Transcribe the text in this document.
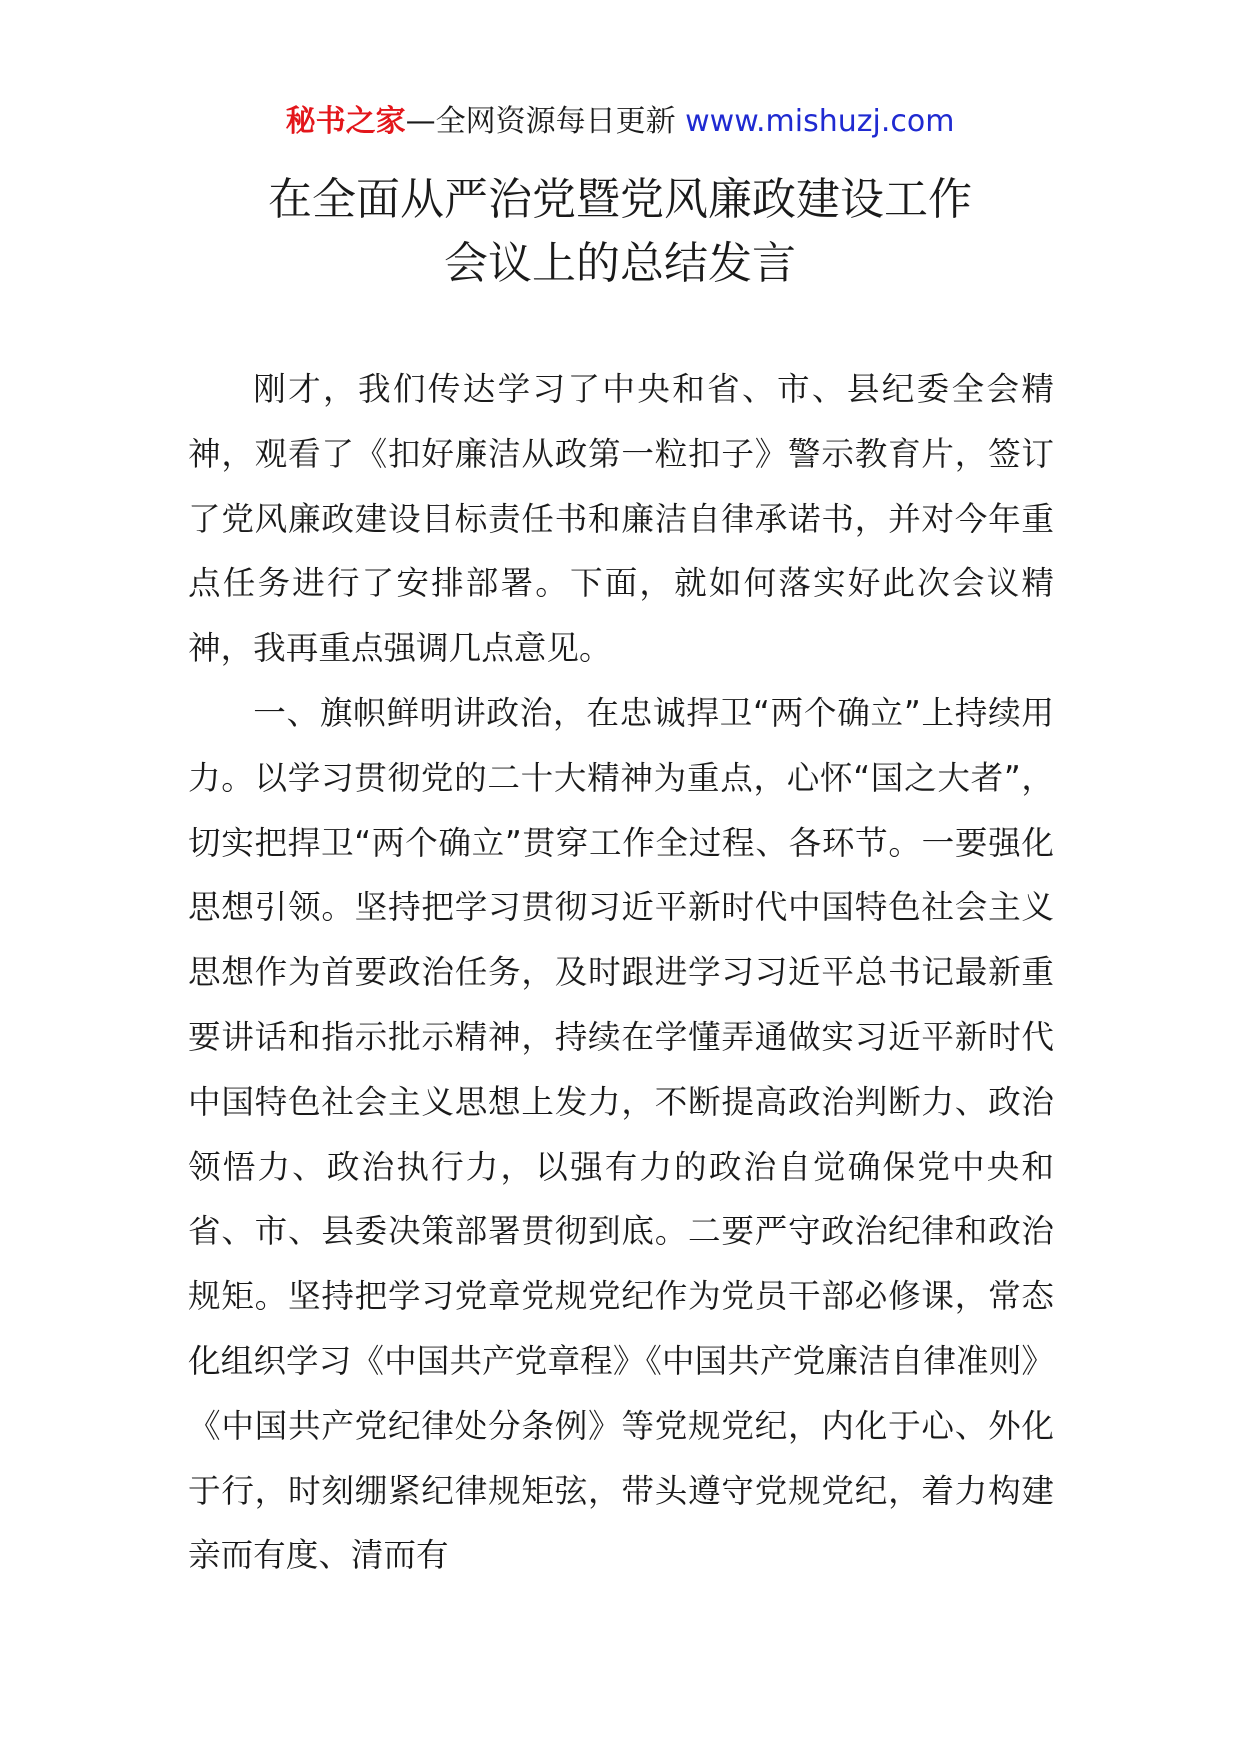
秘书之家—全网资源每日更新 www.mishuzj.com
在全面从严治党暨党风廉政建设工作
会议上的总结发言

刚才，我们传达学习了中央和省、市、县纪委全会精神，观看了《扣好廉洁从政第一粒扣子》警示教育片，签订了党风廉政建设目标责任书和廉洁自律承诺书，并对今年重点任务进行了安排部署。下面，就如何落实好此次会议精神，我再重点强调几点意见。

一、旗帜鲜明讲政治，在忠诚捍卫“两个确立”上持续用力。以学习贯彻党的二十大精神为重点，心怀“国之大者”，切实把捍卫“两个确立”贯穿工作全过程、各环节。一要强化思想引领。坚持把学习贯彻习近平新时代中国特色社会主义思想作为首要政治任务，及时跟进学习习近平总书记最新重要讲话和指示批示精神，持续在学懂弄通做实习近平新时代中国特色社会主义思想上发力，不断提高政治判断力、政治领悟力、政治执行力，以强有力的政治自觉确保党中央和省、市、县委决策部署贯彻到底。二要严守政治纪律和政治规矩。坚持把学习党章党规党纪作为党员干部必修课，常态化组织学习《中国共产党章程》《中国共产党廉洁自律准则》《中国共产党纪律处分条例》等党规党纪，内化于心、外化于行，时刻绷紧纪律规矩弦，带头遵守党规党纪，着力构建亲而有度、清而有
